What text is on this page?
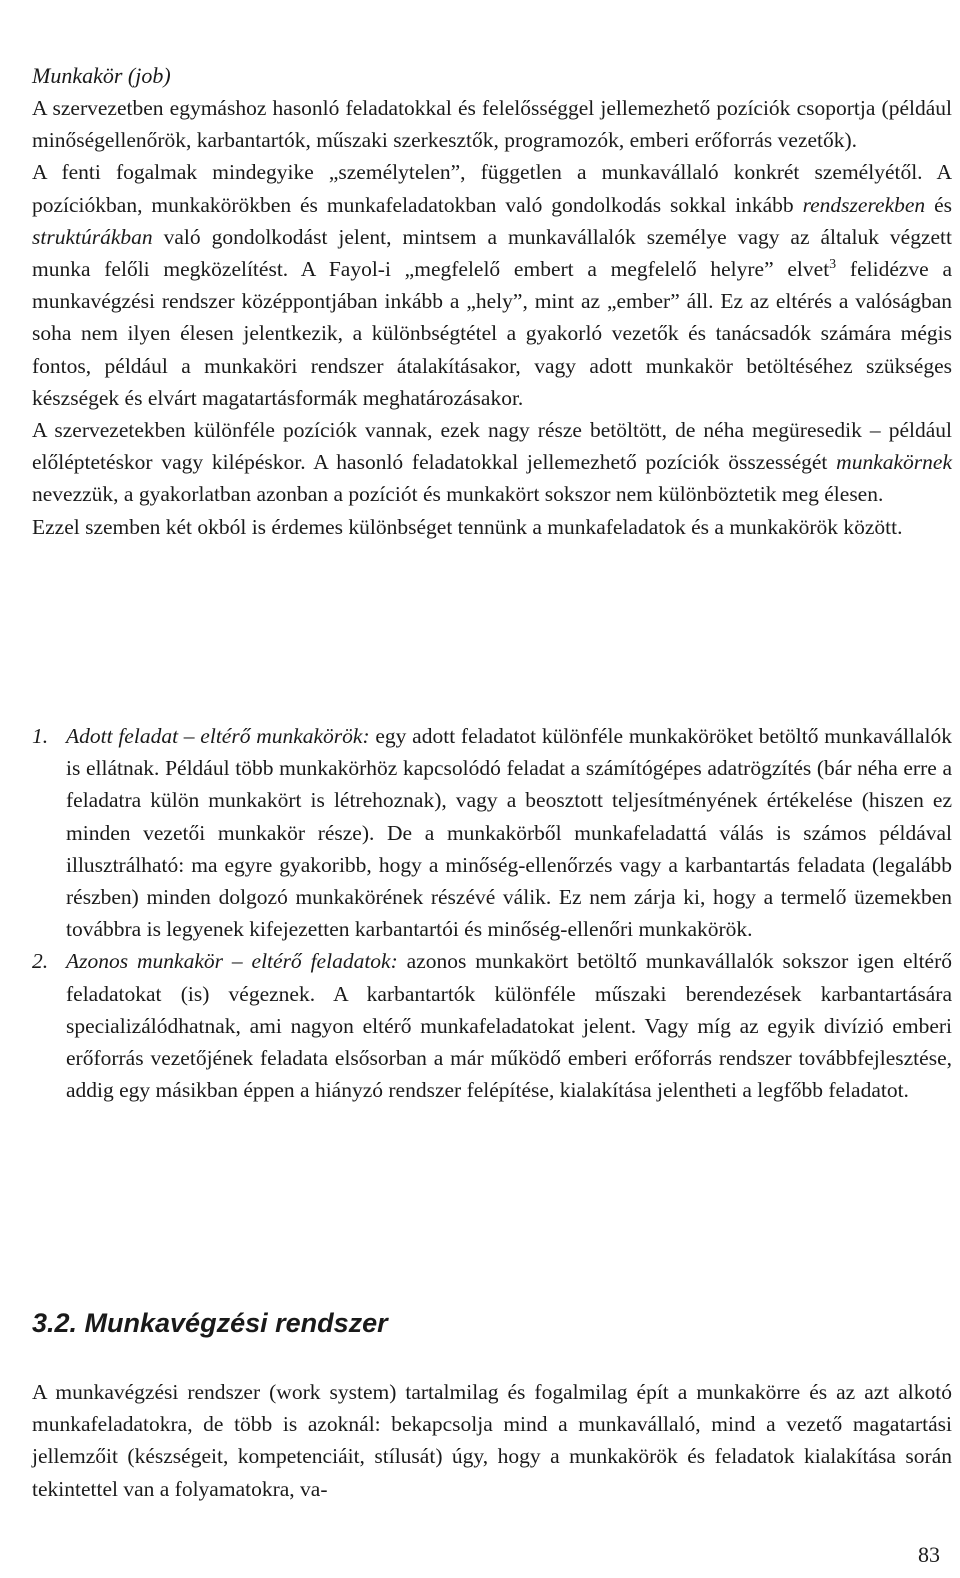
Munkakör (job)

A szervezetben egymáshoz hasonló feladatokkal és felelősséggel jellemezhető pozíciók csoportja (például minőségellenőrök, karbantartók, műszaki szerkesztők, programozók, emberi erőforrás vezetők).

A fenti fogalmak mindegyike „személytelen”, független a munkavállaló konkrét személyétől. A pozíciókban, munkakörökben és munkafeladatokban való gondolkodás sokkal inkább rendszerekben és struktúrákban való gondolkodást jelent, mintsem a munkavállalók személye vagy az általuk végzett munka felőli megközelítést. A Fayol-i „megfelelő embert a megfelelő helyre” elvet$^3$ felidézve a munkavégzési rendszer középpontjában inkább a „hely”, mint az „ember” áll. Ez az eltérés a valóságban soha nem ilyen élesen jelentkezik, a különbségtétel a gyakorló vezetők és tanácsadók számára mégis fontos, például a munkaköri rendszer átalakításakor, vagy adott munkakör betöltéséhez szükséges készségek és elvárt magatartásformák meghatározásakor.

A szervezetekben különféle pozíciók vannak, ezek nagy része betöltött, de néha megüresedik – például előléptetéskor vagy kilépéskor. A hasonló feladatokkal jellemezhető pozíciók összességét munkakörnek nevezzük, a gyakorlatban azonban a pozíciót és munkakört sokszor nem különböztetik meg élesen.

Ezzel szemben két okból is érdemes különbséget tennünk a munkafeladatok és a munkakörök között.

1. Adott feladat – eltérő munkakörök: egy adott feladatot különféle munkaköröket betöltő munkavállalók is ellátnak. Például több munkakörhöz kapcsolódó feladat a számítógépes adatrögzítés (bár néha erre a feladatra külön munkakört is létrehoznak), vagy a beosztott teljesítményének értékelése (hiszen ez minden vezetői munkakör része). De a munkakörből munkafeladattá válás is számos példával illusztrálható: ma egyre gyakoribb, hogy a minőség-ellenőrzés vagy a karbantartás feladata (legalább részben) minden dolgozó munkakörének részévé válik. Ez nem zárja ki, hogy a termelő üzemekben továbbra is legyenek kifejezetten karbantartói és minőség-ellenőri munkakörök.

2. Azonos munkakör – eltérő feladatok: azonos munkakört betöltő munkavállalók sokszor igen eltérő feladatokat (is) végeznek. A karbantartók különféle műszaki berendezések karbantartására specializálódhatnak, ami nagyon eltérő munkafeladatokat jelent. Vagy míg az egyik divízió emberi erőforrás vezetőjének feladata elsősorban a már működő emberi erőforrás rendszer továbbfejlesztése, addig egy másikban éppen a hiányzó rendszer felépítése, kialakítása jelentheti a legfőbb feladatot.

3.2. Munkavégzési rendszer

A munkavégzési rendszer (work system) tartalmilag és fogalmilag épít a munkakörre és az azt alkotó munkafeladatokra, de több is azoknál: bekapcsolja mind a munkavállaló, mind a vezető magatartási jellemzőit (készségeit, kompetenciáit, stílusát) úgy, hogy a munkakörök és feladatok kialakítása során tekintettel van a folyamatokra, va-

83
